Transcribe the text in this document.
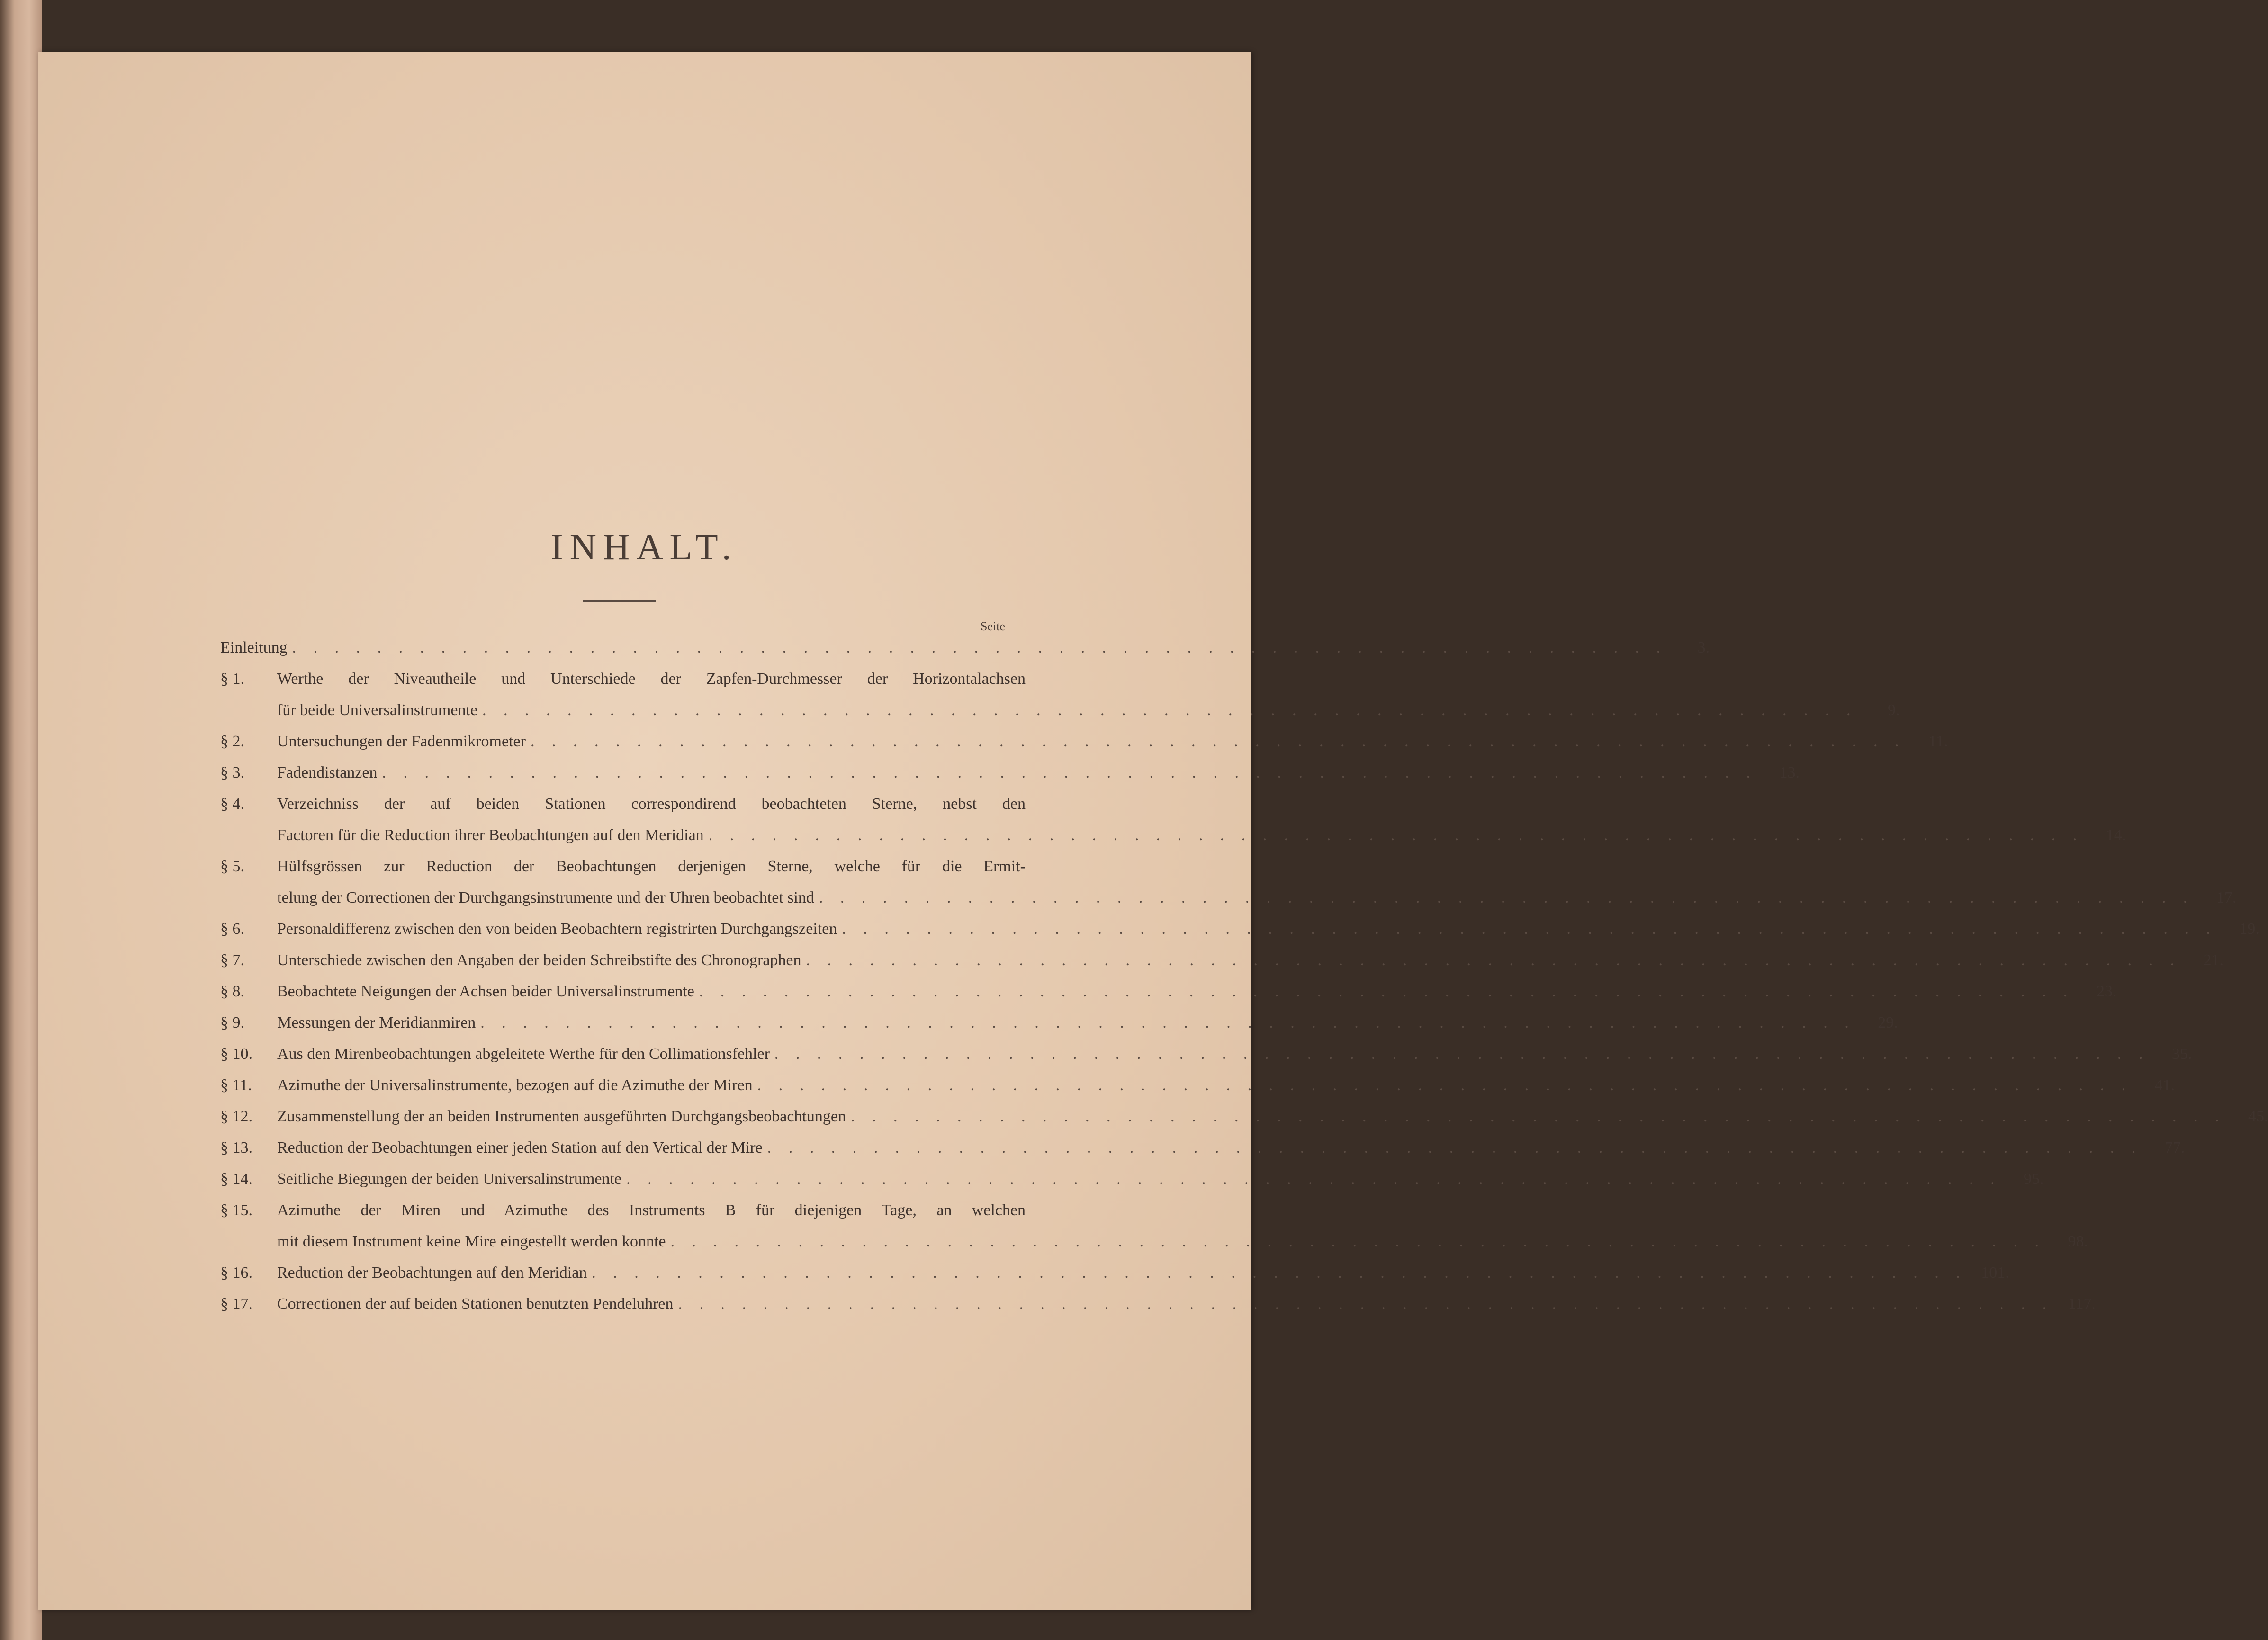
INHALT.
Seite
Einleitung . . . . . . . . . . . . . . . . . . . . . . . . . . . . . . . . . . . . . . . . . . . . . . . . . . . . . . . . . . . . . . . . .	3.
§ 1.	Werthe der Niveautheile und Unterschiede der Zapfen-Durchmesser der Horizontalachsen
für beide Universalinstrumente . . . . . . . . . . . . . . . . . . . . . . . . . . . . . . . . . . . . . . . . . . . . . . . . . . . . . . . . . . . . . . . . .	9.
§ 2.	Untersuchungen der Fadenmikrometer . . . . . . . . . . . . . . . . . . . . . . . . . . . . . . . . . . . . . . . . . . . . . . . . . . . . . . . . . . . . . . . . .	11.
§ 3.	Fadendistanzen . . . . . . . . . . . . . . . . . . . . . . . . . . . . . . . . . . . . . . . . . . . . . . . . . . . . . . . . . . . . . . . . .	13.
§ 4.	Verzeichniss der auf beiden Stationen correspondirend beobachteten Sterne, nebst den
Factoren für die Reduction ihrer Beobachtungen auf den Meridian . . . . . . . . . . . . . . . . . . . . . . . . . . . . . . . . . . . . . . . . . . . . . . . . . . . . . . . . . . . . . . . . .	14.
§ 5.	Hülfsgrössen zur Reduction der Beobachtungen derjenigen Sterne, welche für die Ermit-
telung der Correctionen der Durchgangsinstrumente und der Uhren beobachtet sind . . . . . . . . . . . . . . . . . . . . . . . . . . . . . . . . . . . . . . . . . . . . . . . . . . . . . . . . . . . . . . . . .	17.
§ 6.	Personaldifferenz zwischen den von beiden Beobachtern registrirten Durchgangszeiten . . . . . . . . . . . . . . . . . . . . . . . . . . . . . . . . . . . . . . . . . . . . . . . . . . . . . . . . . . . . . . . . .	19.
§ 7.	Unterschiede zwischen den Angaben der beiden Schreibstifte des Chronographen . . . . . . . . . . . . . . . . . . . . . . . . . . . . . . . . . . . . . . . . . . . . . . . . . . . . . . . . . . . . . . . . .	21.
§ 8.	Beobachtete Neigungen der Achsen beider Universalinstrumente . . . . . . . . . . . . . . . . . . . . . . . . . . . . . . . . . . . . . . . . . . . . . . . . . . . . . . . . . . . . . . . . .	23.
§ 9.	Messungen der Meridianmiren . . . . . . . . . . . . . . . . . . . . . . . . . . . . . . . . . . . . . . . . . . . . . . . . . . . . . . . . . . . . . . . . .	29.
§ 10.	Aus den Mirenbeobachtungen abgeleitete Werthe für den Collimationsfehler . . . . . . . . . . . . . . . . . . . . . . . . . . . . . . . . . . . . . . . . . . . . . . . . . . . . . . . . . . . . . . . . .	35.
§ 11.	Azimuthe der Universalinstrumente, bezogen auf die Azimuthe der Miren . . . . . . . . . . . . . . . . . . . . . . . . . . . . . . . . . . . . . . . . . . . . . . . . . . . . . . . . . . . . . . . . .	41.
§ 12.	Zusammenstellung der an beiden Instrumenten ausgeführten Durchgangsbeobachtungen . . . . . . . . . . . . . . . . . . . . . . . . . . . . . . . . . . . . . . . . . . . . . . . . . . . . . . . . . . . . . . . . .	45.
§ 13.	Reduction der Beobachtungen einer jeden Station auf den Vertical der Mire . . . . . . . . . . . . . . . . . . . . . . . . . . . . . . . . . . . . . . . . . . . . . . . . . . . . . . . . . . . . . . . . .	77.
§ 14.	Seitliche Biegungen der beiden Universalinstrumente . . . . . . . . . . . . . . . . . . . . . . . . . . . . . . . . . . . . . . . . . . . . . . . . . . . . . . . . . . . . . . . . .	95.
§ 15.	Azimuthe der Miren und Azimuthe des Instruments B für diejenigen Tage, an welchen
mit diesem Instrument keine Mire eingestellt werden konnte . . . . . . . . . . . . . . . . . . . . . . . . . . . . . . . . . . . . . . . . . . . . . . . . . . . . . . . . . . . . . . . . .	98.
§ 16.	Reduction der Beobachtungen auf den Meridian . . . . . . . . . . . . . . . . . . . . . . . . . . . . . . . . . . . . . . . . . . . . . . . . . . . . . . . . . . . . . . . . . 101.
§ 17.	Correctionen der auf beiden Stationen benutzten Pendeluhren . . . . . . . . . . . . . . . . . . . . . . . . . . . . . . . . . . . . . . . . . . . . . . . . . . . . . . . . . . . . . . . . . 117.
